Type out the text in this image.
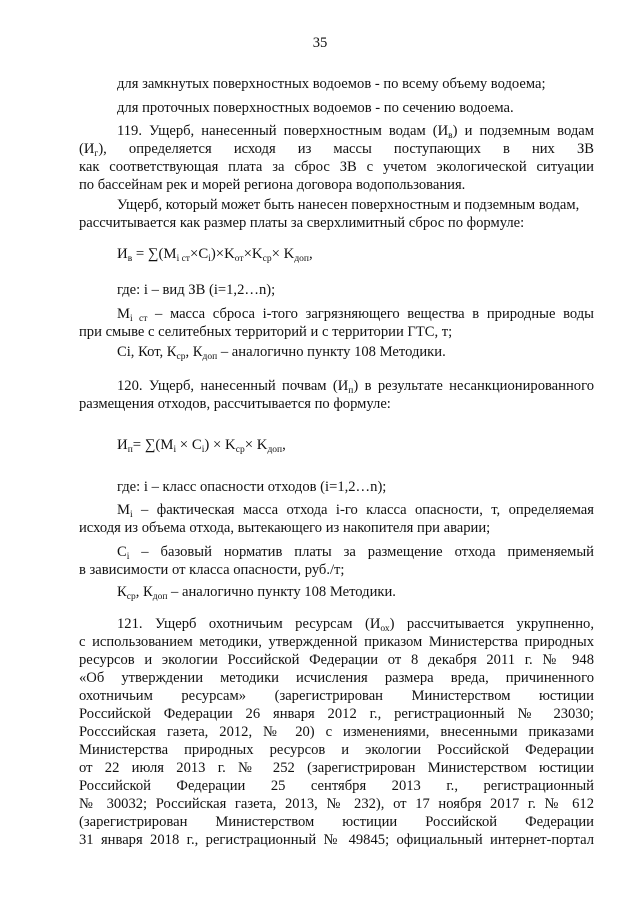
35
для замкнутых поверхностных водоемов - по всему объему водоема;
для проточных поверхностных водоемов - по сечению водоема.
119. Ущерб, нанесенный поверхностным водам $(И_в)$ и подземным водам
$(И_г)$, определяется исходя из массы поступающих в них ЗВ
как соответствующая плата за сброс ЗВ с учетом экологической ситуации
по бассейнам рек и морей региона договора водопользования.
Ущерб, который может быть нанесен поверхностным и подземным водам,
рассчитывается как размер платы за сверхлимитный сброс по формуле:
$И_в = \sum(M_{i ст}\times C_i)\times K_{от}\times K_{ср}\times K_{доп}$,
где: i – вид ЗВ (i=1,2…n);
$M_{i ст}$ – масса сброса i-того загрязняющего вещества в природные воды
при смыве с селитебных территорий и с территории ГТС, т;
Ci, Кот, $К_{ср}$, $К_{доп}$ – аналогично пункту 108 Методики.
120. Ущерб, нанесенный почвам $(И_п)$ в результате несанкционированного
размещения отходов, рассчитывается по формуле:
$И_п= \sum(M_i \times C_i) \times K_{ср}\times K_{доп}$,
где: i – класс опасности отходов (i=1,2…n);
$M_i$ – фактическая масса отхода i-го класса опасности, т, определяемая
исходя из объема отхода, вытекающего из накопителя при аварии;
$C_i$ – базовый норматив платы за размещение отхода применяемый
в зависимости от класса опасности, руб./т;
$К_{ср}$, $К_{доп}$ – аналогично пункту 108 Методики.
121. Ущерб охотничьим ресурсам $(И_{ох})$ рассчитывается укрупненно,
с использованием методики, утвержденной приказом Министерства природных
ресурсов и экологии Российской Федерации от 8 декабря 2011 г. № 948
«Об утверждении методики исчисления размера вреда, причиненного
охотничьим ресурсам» (зарегистрирован Министерством юстиции
Российской Федерации 26 января 2012 г., регистрационный № 23030;
Россcийская газета, 2012, № 20) с изменениями, внесенными приказами
Министерства природных ресурсов и экологии Российской Федерации
от 22 июля 2013 г. № 252 (зарегистрирован Министерством юстиции
Российской Федерации 25 сентября 2013 г., регистрационный
№ 30032; Российская газета, 2013, № 232), от 17 ноября 2017 г. № 612
(зарегистрирован Министерством юстиции Российской Федерации
31 января 2018 г., регистрационный № 49845; официальный интернет-портал
